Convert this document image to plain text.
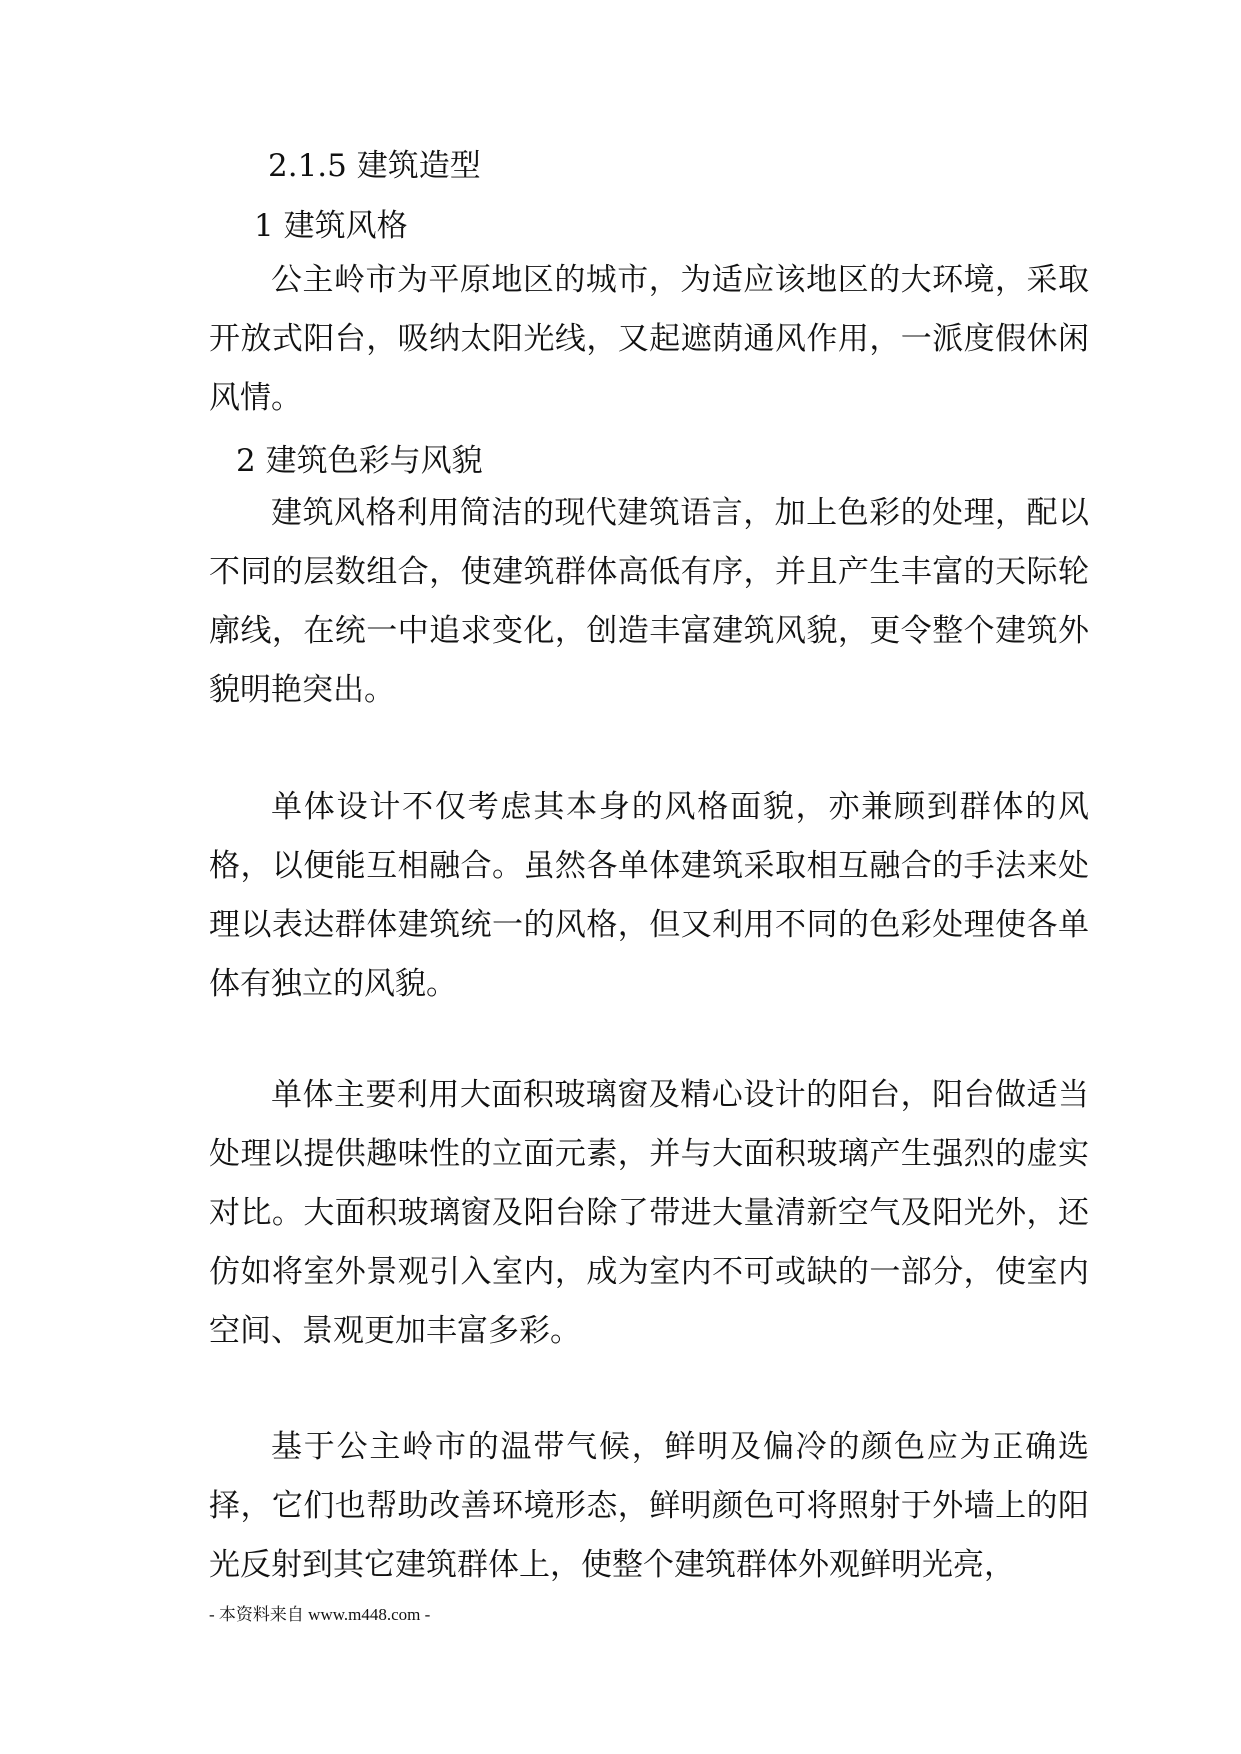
2.1.5 建筑造型
1 建筑风格

公主岭市为平原地区的城市，为适应该地区的大环境，采取开放式阳台，吸纳太阳光线，又起遮荫通风作用，一派度假休闲风情。

2 建筑色彩与风貌

建筑风格利用简洁的现代建筑语言，加上色彩的处理，配以不同的层数组合，使建筑群体高低有序，并且产生丰富的天际轮廓线，在统一中追求变化，创造丰富建筑风貌，更令整个建筑外貌明艳突出。

单体设计不仅考虑其本身的风格面貌，亦兼顾到群体的风格，以便能互相融合。虽然各单体建筑采取相互融合的手法来处理以表达群体建筑统一的风格，但又利用不同的色彩处理使各单体有独立的风貌。

单体主要利用大面积玻璃窗及精心设计的阳台，阳台做适当处理以提供趣味性的立面元素，并与大面积玻璃产生强烈的虚实对比。大面积玻璃窗及阳台除了带进大量清新空气及阳光外，还仿如将室外景观引入室内，成为室内不可或缺的一部分，使室内空间、景观更加丰富多彩。

基于公主岭市的温带气候，鲜明及偏冷的颜色应为正确选择，它们也帮助改善环境形态，鲜明颜色可将照射于外墙上的阳光反射到其它建筑群体上，使整个建筑群体外观鲜明光亮，

- 本资料来自 www.m448.com -
